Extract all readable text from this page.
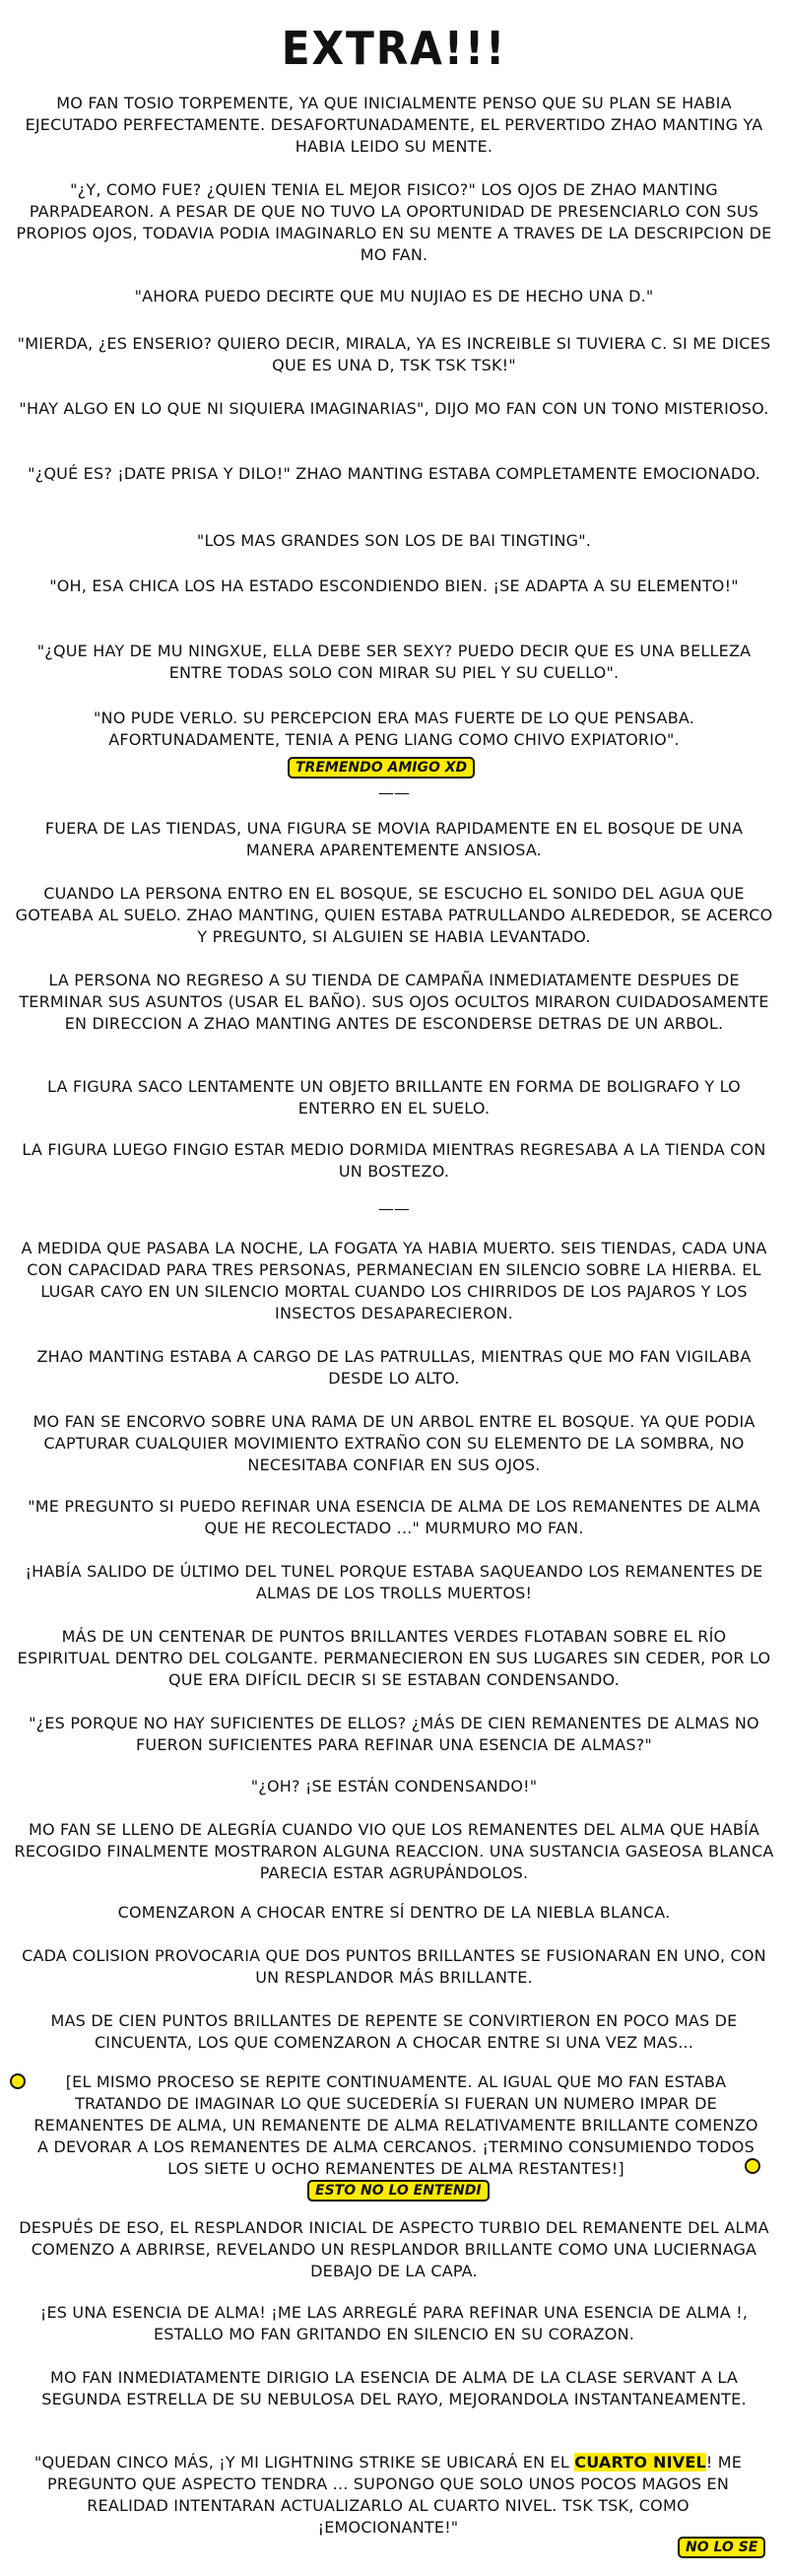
EXTRA!!!
MO FAN TOSIO TORPEMENTE, YA QUE INICIALMENTE PENSO QUE SU PLAN SE HABIA EJECUTADO PERFECTAMENTE. DESAFORTUNADAMENTE, EL PERVERTIDO ZHAO MANTING YA HABIA LEIDO SU MENTE.
"¿Y, COMO FUE? ¿QUIEN TENIA EL MEJOR FISICO?" LOS OJOS DE ZHAO MANTING PARPADEARON. A PESAR DE QUE NO TUVO LA OPORTUNIDAD DE PRESENCIARLO CON SUS PROPIOS OJOS, TODAVIA PODIA IMAGINARLO EN SU MENTE A TRAVES DE LA DESCRIPCION DE MO FAN.
"AHORA PUEDO DECIRTE QUE MU NUJIAO ES DE HECHO UNA D."
"MIERDA, ¿ES ENSERIO? QUIERO DECIR, MIRALA, YA ES INCREIBLE SI TUVIERA C. SI ME DICES QUE ES UNA D, TSK TSK TSK!"
"HAY ALGO EN LO QUE NI SIQUIERA IMAGINARIAS", DIJO MO FAN CON UN TONO MISTERIOSO.
"¿QUÉ ES? ¡DATE PRISA Y DILO!" ZHAO MANTING ESTABA COMPLETAMENTE EMOCIONADO.
"LOS MAS GRANDES SON LOS DE BAI TINGTING".
"OH, ESA CHICA LOS HA ESTADO ESCONDIENDO BIEN. ¡SE ADAPTA A SU ELEMENTO!"
"¿QUE HAY DE MU NINGXUE, ELLA DEBE SER SEXY? PUEDO DECIR QUE ES UNA BELLEZA ENTRE TODAS SOLO CON MIRAR SU PIEL Y SU CUELLO".
"NO PUDE VERLO. SU PERCEPCION ERA MAS FUERTE DE LO QUE PENSABA. AFORTUNADAMENTE, TENIA A PENG LIANG COMO CHIVO EXPIATORIO".
TREMENDO AMIGO XD
——
FUERA DE LAS TIENDAS, UNA FIGURA SE MOVIA RAPIDAMENTE EN EL BOSQUE DE UNA MANERA APARENTEMENTE ANSIOSA.
CUANDO LA PERSONA ENTRO EN EL BOSQUE, SE ESCUCHO EL SONIDO DEL AGUA QUE GOTEABA AL SUELO. ZHAO MANTING, QUIEN ESTABA PATRULLANDO ALREDEDOR, SE ACERCO Y PREGUNTO, SI ALGUIEN SE HABIA LEVANTADO.
LA PERSONA NO REGRESO A SU TIENDA DE CAMPAÑA INMEDIATAMENTE DESPUES DE TERMINAR SUS ASUNTOS (USAR EL BAÑO). SUS OJOS OCULTOS MIRARON CUIDADOSAMENTE EN DIRECCION A ZHAO MANTING ANTES DE ESCONDERSE DETRAS DE UN ARBOL.
LA FIGURA SACO LENTAMENTE UN OBJETO BRILLANTE EN FORMA DE BOLIGRAFO Y LO ENTERRO EN EL SUELO.
LA FIGURA LUEGO FINGIO ESTAR MEDIO DORMIDA MIENTRAS REGRESABA A LA TIENDA CON UN BOSTEZO.
——
A MEDIDA QUE PASABA LA NOCHE, LA FOGATA YA HABIA MUERTO. SEIS TIENDAS, CADA UNA CON CAPACIDAD PARA TRES PERSONAS, PERMANECIAN EN SILENCIO SOBRE LA HIERBA. EL LUGAR CAYO EN UN SILENCIO MORTAL CUANDO LOS CHIRRIDOS DE LOS PAJAROS Y LOS INSECTOS DESAPARECIERON.
ZHAO MANTING ESTABA A CARGO DE LAS PATRULLAS, MIENTRAS QUE MO FAN VIGILABA DESDE LO ALTO.
MO FAN SE ENCORVO SOBRE UNA RAMA DE UN ARBOL ENTRE EL BOSQUE. YA QUE PODIA CAPTURAR CUALQUIER MOVIMIENTO EXTRAÑO CON SU ELEMENTO DE LA SOMBRA, NO NECESITABA CONFIAR EN SUS OJOS.
"ME PREGUNTO SI PUEDO REFINAR UNA ESENCIA DE ALMA DE LOS REMANENTES DE ALMA QUE HE RECOLECTADO ..." MURMURO MO FAN.
¡HABÍA SALIDO DE ÚLTIMO DEL TUNEL PORQUE ESTABA SAQUEANDO LOS REMANENTES DE ALMAS DE LOS TROLLS MUERTOS!
MÁS DE UN CENTENAR DE PUNTOS BRILLANTES VERDES FLOTABAN SOBRE EL RÍO ESPIRITUAL DENTRO DEL COLGANTE. PERMANECIERON EN SUS LUGARES SIN CEDER, POR LO QUE ERA DIFÍCIL DECIR SI SE ESTABAN CONDENSANDO.
"¿ES PORQUE NO HAY SUFICIENTES DE ELLOS? ¿MÁS DE CIEN REMANENTES DE ALMAS NO FUERON SUFICIENTES PARA REFINAR UNA ESENCIA DE ALMAS?"
"¿OH? ¡SE ESTÁN CONDENSANDO!"
MO FAN SE LLENO DE ALEGRÍA CUANDO VIO QUE LOS REMANENTES DEL ALMA QUE HABÍA RECOGIDO FINALMENTE MOSTRARON ALGUNA REACCION. UNA SUSTANCIA GASEOSA BLANCA PARECIA ESTAR AGRUPÁNDOLOS.
COMENZARON A CHOCAR ENTRE SÍ DENTRO DE LA NIEBLA BLANCA.
CADA COLISION PROVOCARIA QUE DOS PUNTOS BRILLANTES SE FUSIONARAN EN UNO, CON UN RESPLANDOR MÁS BRILLANTE.
MAS DE CIEN PUNTOS BRILLANTES DE REPENTE SE CONVIRTIERON EN POCO MAS DE CINCUENTA, LOS QUE COMENZARON A CHOCAR ENTRE SI UNA VEZ MAS...
[EL MISMO PROCESO SE REPITE CONTINUAMENTE. AL IGUAL QUE MO FAN ESTABA TRATANDO DE IMAGINAR LO QUE SUCEDERÍA SI FUERAN UN NUMERO IMPAR DE REMANENTES DE ALMA, UN REMANENTE DE ALMA RELATIVAMENTE BRILLANTE COMENZO A DEVORAR A LOS REMANENTES DE ALMA CERCANOS. ¡TERMINO CONSUMIENDO TODOS LOS SIETE U OCHO REMANENTES DE ALMA RESTANTES!]
ESTO NO LO ENTENDI
DESPUÉS DE ESO, EL RESPLANDOR INICIAL DE ASPECTO TURBIO DEL REMANENTE DEL ALMA COMENZO A ABRIRSE, REVELANDO UN RESPLANDOR BRILLANTE COMO UNA LUCIERNAGA DEBAJO DE LA CAPA.
¡ES UNA ESENCIA DE ALMA! ¡ME LAS ARREGLÉ PARA REFINAR UNA ESENCIA DE ALMA !, ESTALLO MO FAN GRITANDO EN SILENCIO EN SU CORAZON.
MO FAN INMEDIATAMENTE DIRIGIO LA ESENCIA DE ALMA DE LA CLASE SERVANT A LA SEGUNDA ESTRELLA DE SU NEBULOSA DEL RAYO, MEJORANDOLA INSTANTANEAMENTE.
"QUEDAN CINCO MÁS, ¡Y MI LIGHTNING STRIKE SE UBICARÁ EN EL CUARTO NIVEL! ME PREGUNTO QUE ASPECTO TENDRA ... SUPONGO QUE SOLO UNOS POCOS MAGOS EN REALIDAD INTENTARAN ACTUALIZARLO AL CUARTO NIVEL. TSK TSK, COMO ¡EMOCIONANTE!"
NO LO SE
